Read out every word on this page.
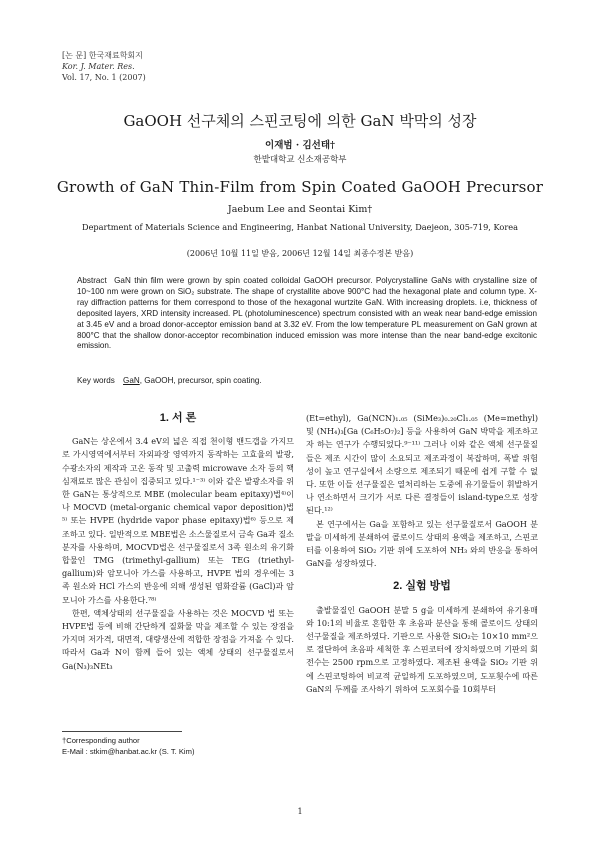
[논 문] 한국재료학회지
Kor. J. Mater. Res.
Vol. 17, No. 1 (2007)
GaOOH 선구체의 스핀코팅에 의한 GaN 박막의 성장
이재범 · 김선태†
한밭대학교 신소재공학부
Growth of GaN Thin-Film from Spin Coated GaOOH Precursor
Jaebum Lee and Seontai Kim†
Department of Materials Science and Engineering, Hanbat National University, Daejeon, 305-719, Korea
(2006년 10월 11일 받음, 2006년 12월 14일 최종수정본 받음)
Abstract GaN thin film were grown by spin coated colloidal GaOOH precursor. Polycrystalline GaNs with crystalline size of 10~100 nm were grown on SiO₂ substrate. The shape of crystallite above 900°C had the hexagonal plate and column type. X-ray diffraction patterns for them correspond to those of the hexagonal wurtzite GaN. With increasing droplets. i.e, thickness of deposited layers, XRD intensity increased. PL (photoluminescence) spectrum consisted with an weak near band-edge emission at 3.45 eV and a broad donor-acceptor emission band at 3.32 eV. From the low temperature PL measurement on GaN grown at 800°C that the shallow donor-acceptor recombination induced emission was more intense than the near band-edge excitonic emission.
Key words GaN, GaOOH, precursor, spin coating.
1. 서 론

GaN는 상온에서 3.4 eV의 넓은 직접 천이형 밴드갭을 가지므로 가시영역에서부터 자외파장 영역까지 동작하는 고효율의 발광, 수광소자의 제작과 고온 동작 및 고출력 microwave 소자 등의 핵심재료로 많은 관심이 집중되고 있다.¹⁻³⁾ 이와 같은 발광소자를 위한 GaN는 통상적으로 MBE (molecular beam epitaxy)법⁴⁾이나 MOCVD (metal-organic chemical vapor deposition)법⁵⁾ 또는 HVPE (hydride vapor phase epitaxy)법⁶⁾ 등으로 제조하고 있다. 일반적으로 MBE법은 소스물질로서 금속 Ga과 질소 분자를 사용하며, MOCVD법은 선구물질로서 3족 원소의 유기화합물인 TMG (trimethyl-gallium) 또는 TEG (triethyl-gallium)와 암모니아 가스를 사용하고, HVPE 법의 경우에는 3족 원소와 HCl 가스의 반응에 의해 생성된 염화갈륨 (GaCl)과 암모니아 가스를 사용한다.⁷⁸⁾

한편, 액체상태의 선구물질을 사용하는 것은 MOCVD 법 또는 HVPE법 등에 비해 간단하게 질화물 막을 제조할 수 있는 장점을 가지며 저가격, 대면적, 대량생산에 적합한 장점을 가져올 수 있다. 따라서 Ga과 N이 함께 들어 있는 액체 상태의 선구물질로서 Ga(N₃)₃NEt₃

(Et=ethyl), Ga(NCN)₁.₀₅ (SiMe₃)₀.₂₀Cl₁.₀₅ (Me=methyl) 및 (NH₄)₃[Ga (C₆H₅O₇)₂] 등을 사용하여 GaN 박막을 제조하고자 하는 연구가 수행되었다.⁹⁻¹¹⁾ 그러나 이와 같은 액체 선구물질들은 제조 시간이 많이 소요되고 제조과정이 복잡하며, 폭발 위험성이 높고 연구실에서 소량으로 제조되기 때문에 쉽게 구할 수 없다. 또한 이들 선구물질은 열처리하는 도중에 유기물들이 휘발하거나 연소하면서 크기가 서로 다른 결정들이 island-type으로 성장된다.¹²⁾

본 연구에서는 Ga을 포함하고 있는 선구물질로서 GaOOH 분말을 미세하게 분쇄하여 콜로이드 상태의 용액을 제조하고, 스핀코터를 이용하여 SiO₂ 기판 위에 도포하여 NH₃ 와의 반응을 통하여 GaN를 성장하였다.

2. 실험 방법

출발물질인 GaOOH 분말 5 g을 미세하게 분쇄하여 유기용매와 10:1의 비율로 혼합한 후 초음파 분산을 통해 콜로이드 상태의 선구물질을 제조하였다. 기판으로 사용한 SiO₂는 10×10 mm²으로 절단하여 초음파 세척한 후 스핀코터에 장치하였으며 기판의 회전수는 2500 rpm으로 고정하였다. 제조된 용액을 SiO₂ 기판 위에 스핀코팅하여 비교적 균일하게 도포하였으며, 도포횟수에 따른 GaN의 두께를 조사하기 위하여 도포회수를 10회부터

†Corresponding author
E-Mail : stkim@hanbat.ac.kr (S. T. Kim)
1
